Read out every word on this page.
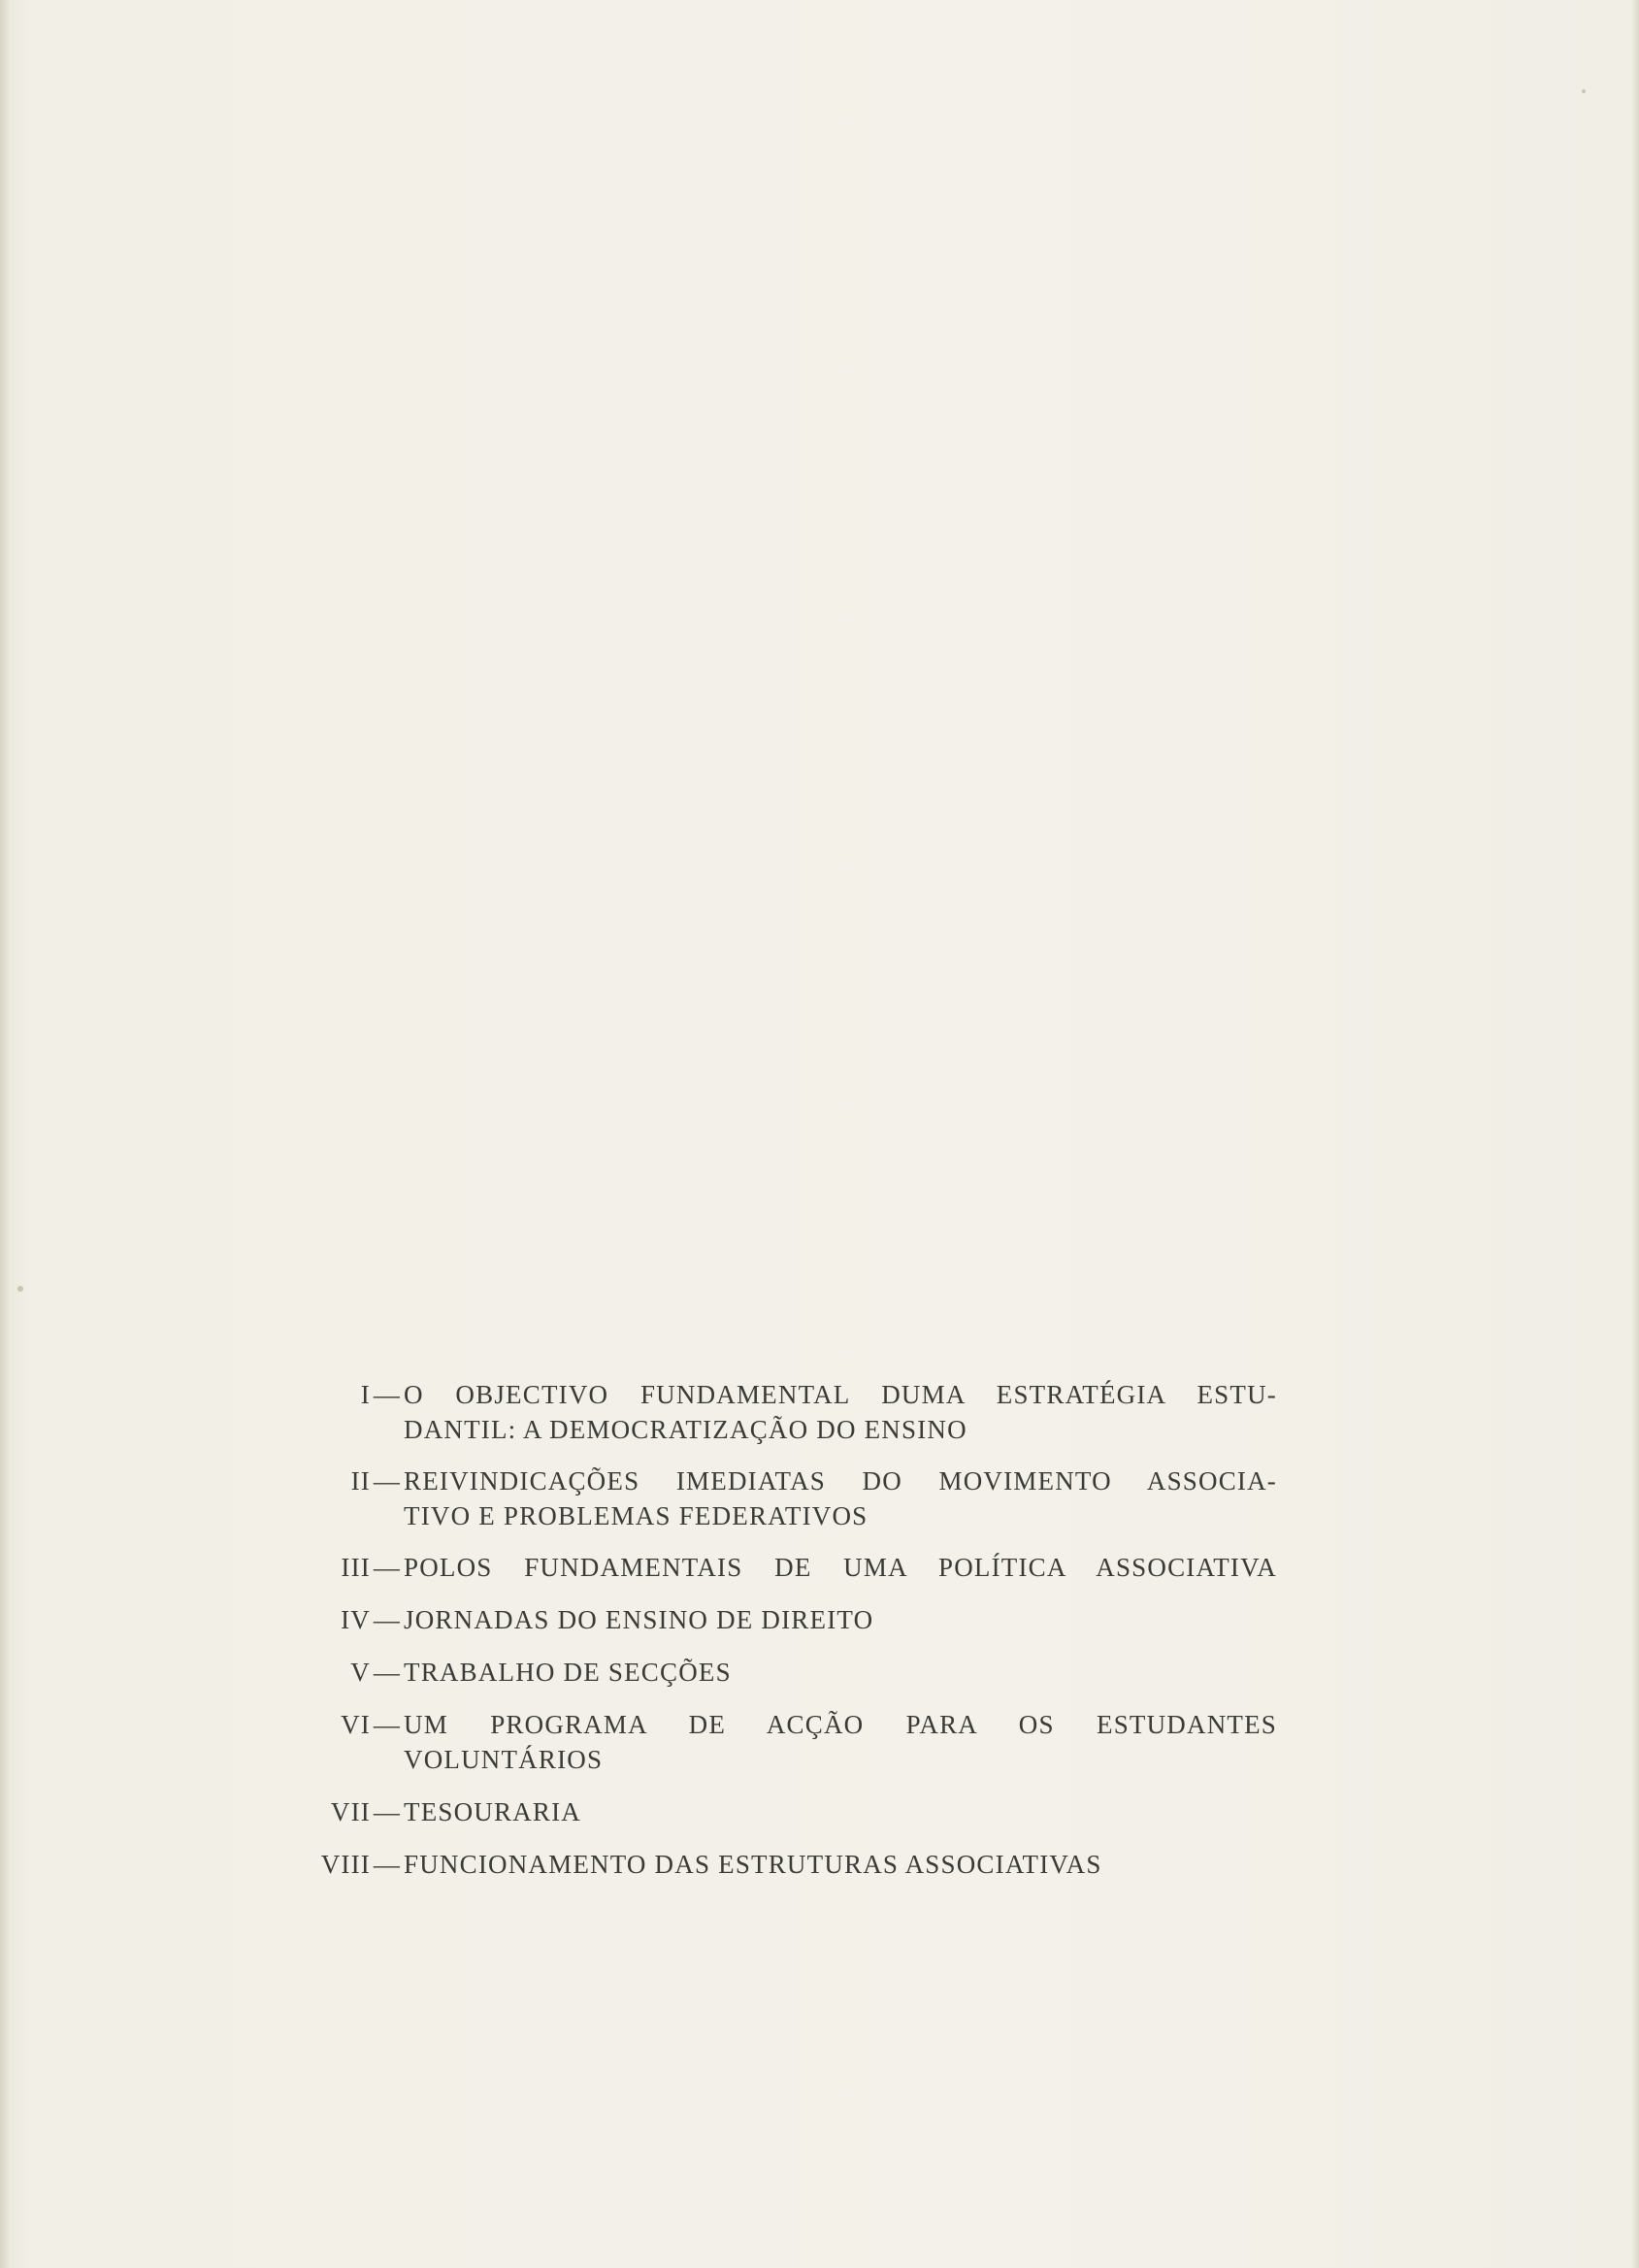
I — O OBJECTIVO FUNDAMENTAL DUMA ESTRATÉGIA ESTU-
DANTIL: A DEMOCRATIZAÇÃO DO ENSINO
II — REIVINDICAÇÕES IMEDIATAS DO MOVIMENTO ASSOCIA-
TIVO E PROBLEMAS FEDERATIVOS
III — POLOS FUNDAMENTAIS DE UMA POLÍTICA ASSOCIATIVA
IV — JORNADAS DO ENSINO DE DIREITO
V — TRABALHO DE SECÇÕES
VI — UM PROGRAMA DE ACÇÃO PARA OS ESTUDANTES
VOLUNTÁRIOS
VII — TESOURARIA
VIII — FUNCIONAMENTO DAS ESTRUTURAS ASSOCIATIVAS
